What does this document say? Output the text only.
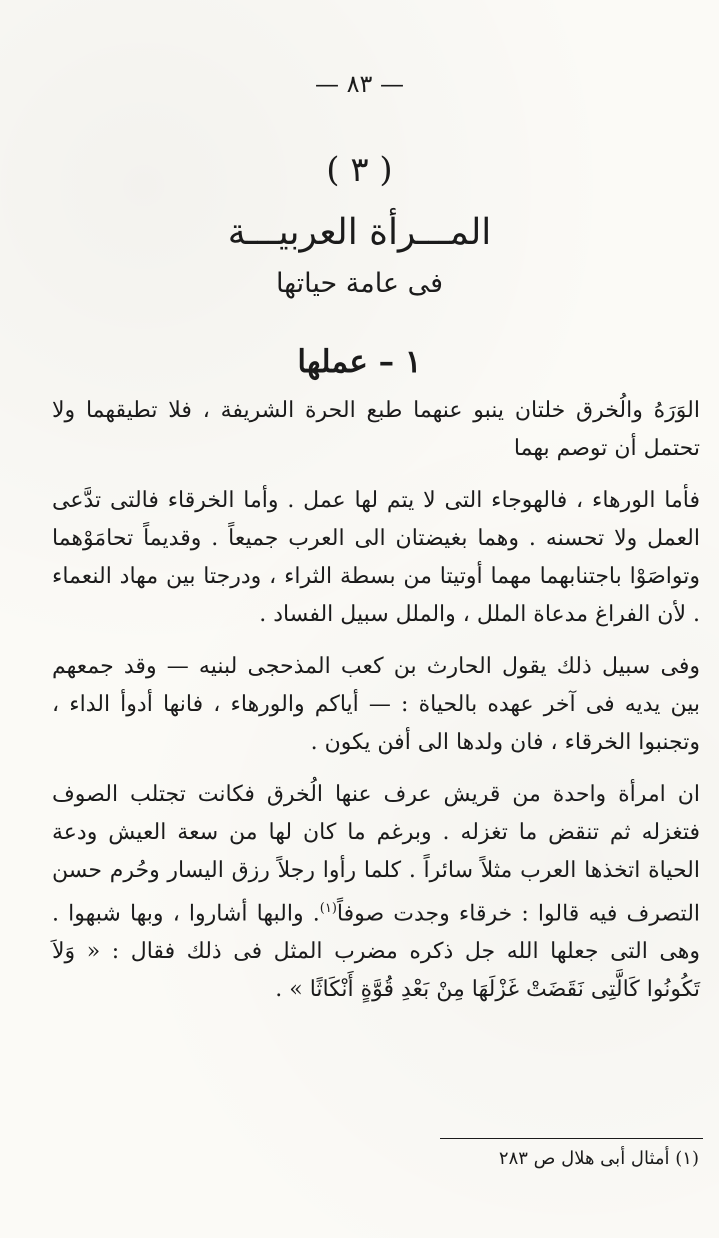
— ٨٣ —
( ٣ )
المـــرأة العربيـــة
فى عامة حياتها
١ – عملها

الوَرَهُ والُخرق خلتان ينبو عنهما طبع الحرة الشريفة ، فلا تطيقهما ولا تحتمل أن توصم بهما

فأما الورهاء ، فالهوجاء التى لا يتم لها عمل . وأما الخرقاء فالتى تدَّعى العمل ولا تحسنه . وهما بغيضتان الى العرب جميعاً . وقديماً تحامَوْهما وتواصَوْا باجتنابهما مهما أوتيتا من بسطة الثراء ، ودرجتا بين مهاد النعماء . لأن الفراغ مدعاة الملل ، والملل سبيل الفساد .

وفى سبيل ذلك يقول الحارث بن كعب المذحجى لبنيه — وقد جمعهم بين يديه فى آخر عهده بالحياة : — أياكم والورهاء ، فانها أدوأ الداء ، وتجنبوا الخرقاء ، فان ولدها الى أفن يكون .

ان امرأة واحدة من قريش عرف عنها الُخرق فكانت تجتلب الصوف فتغزله ثم تنقض ما تغزله . وبرغم ما كان لها من سعة العيش ودعة الحياة اتخذها العرب مثلاً سائراً . كلما رأوا رجلاً رزق اليسار وحُرم حسن التصرف فيه قالوا : خرقاء وجدت صوفاً$^{(١)}$. والبها أشاروا ، وبها شبهوا . وهى التى جعلها الله جل ذكره مضرب المثل فى ذلك فقال : « وَلاَ تَكُونُوا كَالَّتِى نَقَضَتْ غَزْلَهَا مِنْ بَعْدِ قُوَّةٍ أَنْكَاثًا » .

(١) أمثال أبى هلال ص ٢٨٣
